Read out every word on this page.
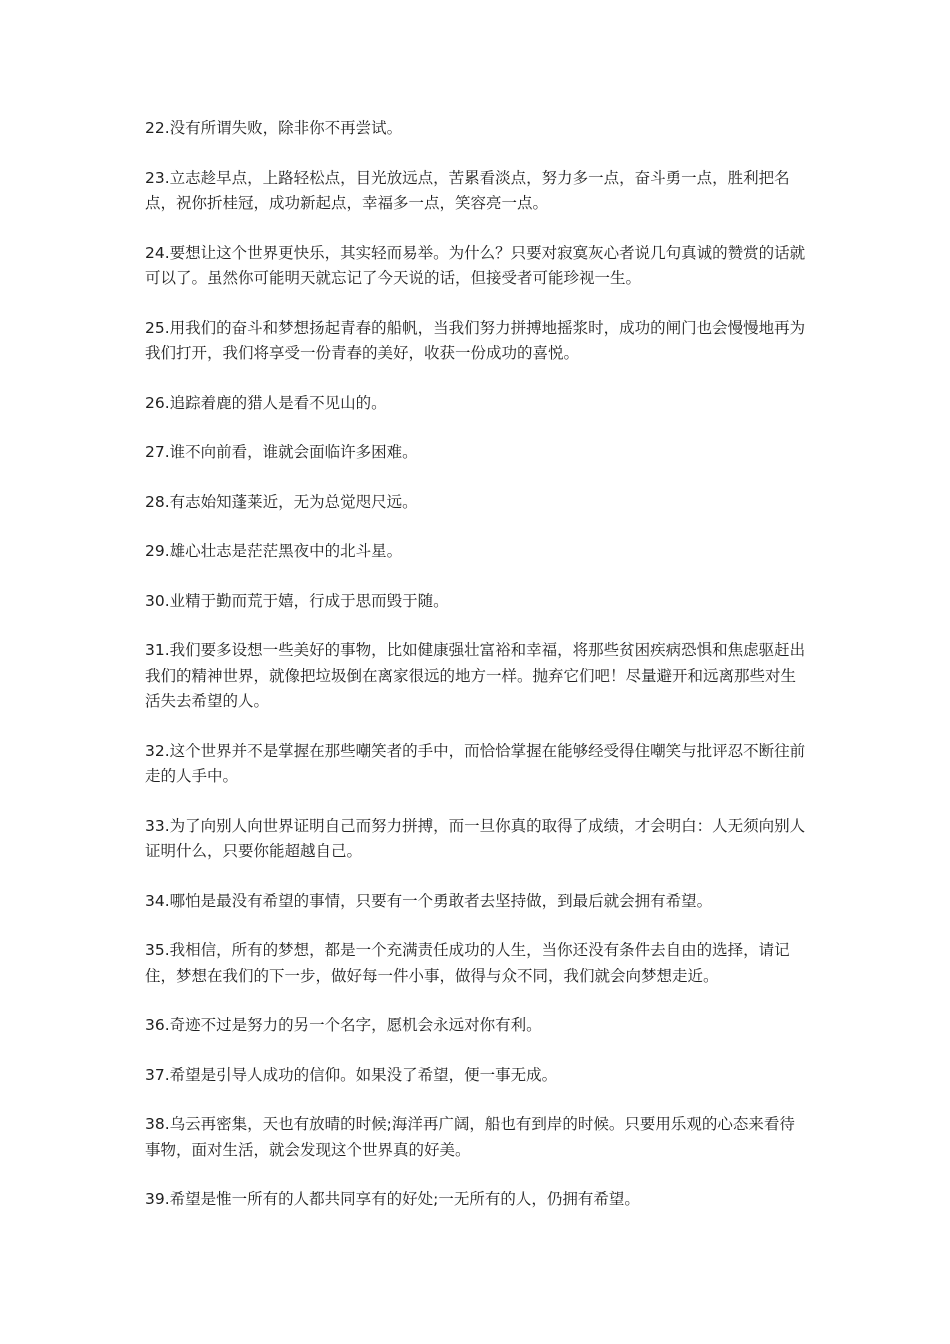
22.没有所谓失败，除非你不再尝试。

23.立志趁早点，上路轻松点，目光放远点，苦累看淡点，努力多一点，奋斗勇一点，胜利把名点，祝你折桂冠，成功新起点，幸福多一点，笑容亮一点。

24.要想让这个世界更快乐，其实轻而易举。为什么？只要对寂寞灰心者说几句真诚的赞赏的话就可以了。虽然你可能明天就忘记了今天说的话，但接受者可能珍视一生。

25.用我们的奋斗和梦想扬起青春的船帆，当我们努力拼搏地摇浆时，成功的闸门也会慢慢地再为我们打开，我们将享受一份青春的美好，收获一份成功的喜悦。

26.追踪着鹿的猎人是看不见山的。

27.谁不向前看，谁就会面临许多困难。

28.有志始知蓬莱近，无为总觉咫尺远。

29.雄心壮志是茫茫黑夜中的北斗星。

30.业精于勤而荒于嬉，行成于思而毁于随。

31.我们要多设想一些美好的事物，比如健康强壮富裕和幸福，将那些贫困疾病恐惧和焦虑驱赶出我们的精神世界，就像把垃圾倒在离家很远的地方一样。抛弃它们吧！尽量避开和远离那些对生活失去希望的人。

32.这个世界并不是掌握在那些嘲笑者的手中，而恰恰掌握在能够经受得住嘲笑与批评忍不断往前走的人手中。

33.为了向别人向世界证明自己而努力拼搏，而一旦你真的取得了成绩，才会明白：人无须向别人证明什么，只要你能超越自己。

34.哪怕是最没有希望的事情，只要有一个勇敢者去坚持做，到最后就会拥有希望。

35.我相信，所有的梦想，都是一个充满责任成功的人生，当你还没有条件去自由的选择，请记住，梦想在我们的下一步，做好每一件小事，做得与众不同，我们就会向梦想走近。

36.奇迹不过是努力的另一个名字，愿机会永远对你有利。

37.希望是引导人成功的信仰。如果没了希望，便一事无成。

38.乌云再密集，天也有放晴的时候;海洋再广阔，船也有到岸的时候。只要用乐观的心态来看待事物，面对生活，就会发现这个世界真的好美。

39.希望是惟一所有的人都共同享有的好处;一无所有的人，仍拥有希望。
